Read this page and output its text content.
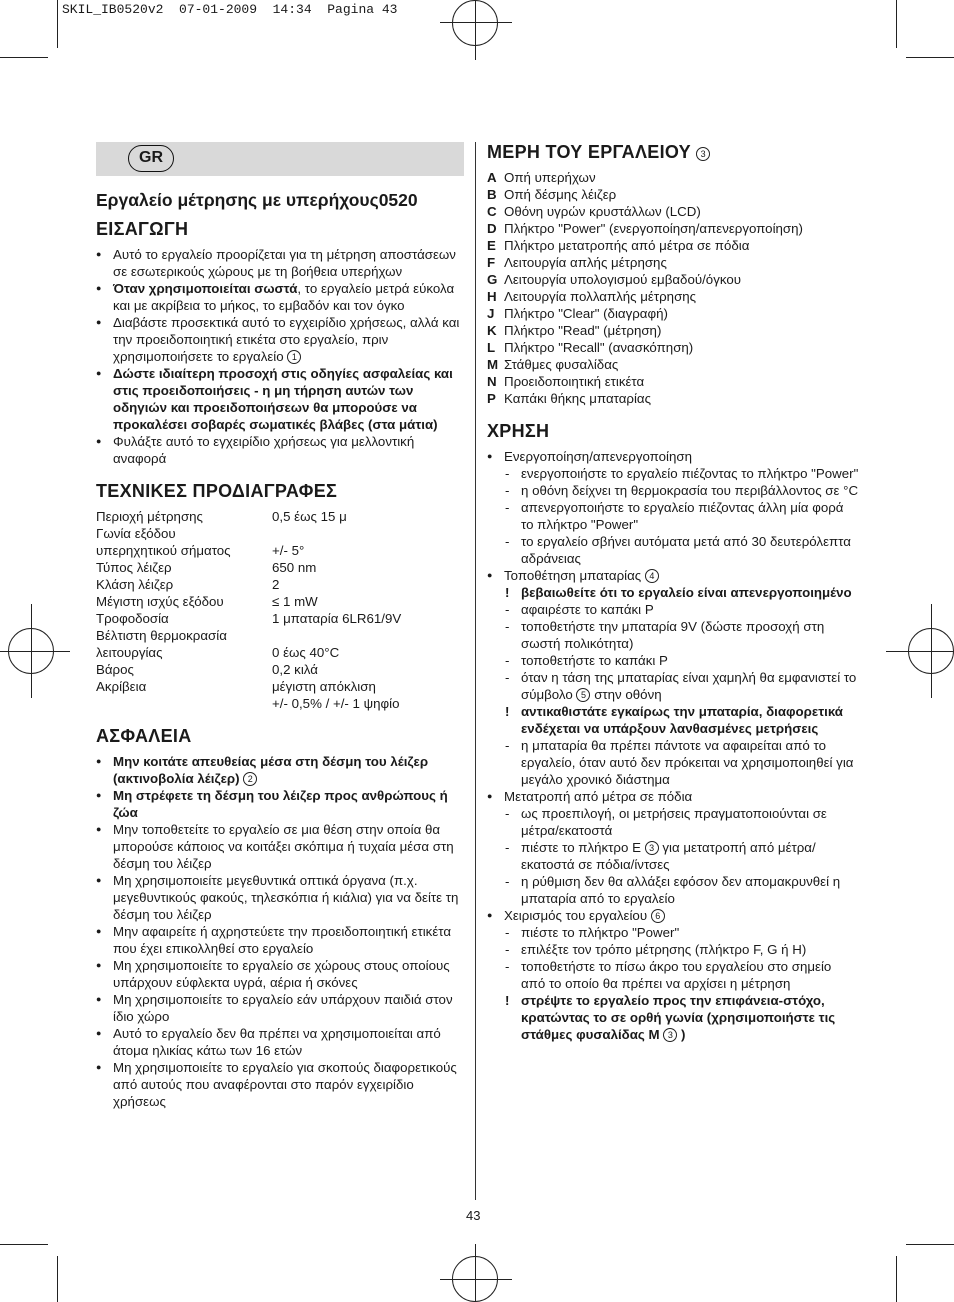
SKIL_IB0520v2  07-01-2009  14:34  Pagina 43
GR
Εργαλείο μέτρησης με υπερήχους0520
ΕΙΣΑΓΩΓΗ
● Αυτό το εργαλείο προορίζεται για τη μέτρηση αποστάσεων σε εσωτερικούς χώρους με τη βοήθεια υπερήχων
● Όταν χρησιμοποιείται σωστά, το εργαλείο μετρά εύκολα και με ακρίβεια το μήκος, το εμβαδόν και τον όγκο
● Διαβάστε προσεκτικά αυτό το εγχειρίδιο χρήσεως, αλλά και την προειδοποιητική ετικέτα στο εργαλείο, πριν χρησιμοποιήσετε το εργαλείο 1
● Δώστε ιδιαίτερη προσοχή στις οδηγίες ασφαλείας και στις προειδοποιήσεις - η μη τήρηση αυτών των οδηγιών και προειδοποιήσεων θα μπορούσε να προκαλέσει σοβαρές σωματικές βλάβες (στα μάτια)
● Φυλάξτε αυτό το εγχειρίδιο χρήσεως για μελλοντική αναφορά
ΤΕΧΝΙΚΕΣ ΠΡΟΔΙΑΓΡΑΦΕΣ
Περιοχή μέτρησης	0,5 έως 15 μ
Γωνία εξόδου	
υπερηχητικού σήματος	+/- 5°
Τύπος λέιζερ	650 nm
Κλάση λέιζερ	2
Μέγιστη ισχύς εξόδου	≤ 1 mW
Τροφοδοσία	1 μπαταρία 6LR61/9V
Βέλτιστη θερμοκρασία	
λειτουργίας	0 έως 40°C
Βάρος	0,2 κιλά
Ακρίβεια	μέγιστη απόκλιση
	+/- 0,5% / +/- 1 ψηφίο
ΑΣΦΑΛΕΙΑ
● Μην κοιτάτε απευθείας μέσα στη δέσμη του λέιζερ (ακτινοβολία λέιζερ) 2
● Μη στρέφετε τη δέσμη του λέιζερ προς ανθρώπους ή ζώα
● Μην τοποθετείτε το εργαλείο σε μια θέση στην οποία θα μπορούσε κάποιος να κοιτάξει σκόπιμα ή τυχαία μέσα στη δέσμη του λέιζερ
● Μη χρησιμοποιείτε μεγεθυντικά οπτικά όργανα (π.χ. μεγεθυντικούς φακούς, τηλεσκόπια ή κιάλια) για να δείτε τη δέσμη του λέιζερ
● Μην αφαιρείτε ή αχρηστεύετε την προειδοποιητική ετικέτα που έχει επικολληθεί στο εργαλείο
● Μη χρησιμοποιείτε το εργαλείο σε χώρους στους οποίους υπάρχουν εύφλεκτα υγρά, αέρια ή σκόνες
● Μη χρησιμοποιείτε το εργαλείο εάν υπάρχουν παιδιά στον ίδιο χώρο
● Αυτό το εργαλείο δεν θα πρέπει να χρησιμοποιείται από άτομα ηλικίας κάτω των 16 ετών
● Μη χρησιμοποιείτε το εργαλείο για σκοπούς διαφορετικούς από αυτούς που αναφέρονται στο παρόν εγχειρίδιο χρήσεως
ΜΕΡΗ ΤΟΥ ΕΡΓΑΛΕΙΟΥ 3
A Οπή υπερήχων
B Οπή δέσμης λέιζερ
C Οθόνη υγρών κρυστάλλων (LCD)
D Πλήκτρο "Power" (ενεργοποίηση/απενεργοποίηση)
E Πλήκτρο μετατροπής από μέτρα σε πόδια
F Λειτουργία απλής μέτρησης
G Λειτουργία υπολογισμού εμβαδού/όγκου
H Λειτουργία πολλαπλής μέτρησης
J Πλήκτρο "Clear" (διαγραφή)
K Πλήκτρο "Read" (μέτρηση)
L Πλήκτρο "Recall" (ανασκόπηση)
M Στάθμες φυσαλίδας
N Προειδοποιητική ετικέτα
P Καπάκι θήκης μπαταρίας
ΧΡΗΣΗ
● Ενεργοποίηση/απενεργοποίηση
- ενεργοποιήστε το εργαλείο πιέζοντας το πλήκτρο "Power"
- η οθόνη δείχνει τη θερμοκρασία του περιβάλλοντος σε °C
- απενεργοποιήστε το εργαλείο πιέζοντας άλλη μία φορά το πλήκτρο "Power"
- το εργαλείο σβήνει αυτόματα μετά από 30 δευτερόλεπτα αδράνειας
● Τοποθέτηση μπαταρίας 4
! βεβαιωθείτε ότι το εργαλείο είναι απενεργοποιημένο
- αφαιρέστε το καπάκι P
- τοποθετήστε την μπαταρία 9V (δώστε προσοχή στη σωστή πολικότητα)
- τοποθετήστε το καπάκι P
- όταν η τάση της μπαταρίας είναι χαμηλή θα εμφανιστεί το σύμβολο 5 στην οθόνη
! αντικαθιστάτε εγκαίρως την μπαταρία, διαφορετικά ενδέχεται να υπάρξουν λανθασμένες μετρήσεις
- η μπαταρία θα πρέπει πάντοτε να αφαιρείται από το εργαλείο, όταν αυτό δεν πρόκειται να χρησιμοποιηθεί για μεγάλο χρονικό διάστημα
● Μετατροπή από μέτρα σε πόδια
- ως προεπιλογή, οι μετρήσεις πραγματοποιούνται σε μέτρα/εκατοστά
- πιέστε το πλήκτρο E 3 για μετατροπή από μέτρα/εκατοστά σε πόδια/ίντσες
- η ρύθμιση δεν θα αλλάξει εφόσον δεν απομακρυνθεί η μπαταρία από το εργαλείο
● Χειρισμός του εργαλείου 6
- πιέστε το πλήκτρο "Power"
- επιλέξτε τον τρόπο μέτρησης (πλήκτρο F, G ή H)
- τοποθετήστε το πίσω άκρο του εργαλείου στο σημείο από το οποίο θα πρέπει να αρχίσει η μέτρηση
! στρέψτε το εργαλείο προς την επιφάνεια-στόχο, κρατώντας το σε ορθή γωνία (χρησιμοποιήστε τις στάθμες φυσαλίδας M 3 )
43
